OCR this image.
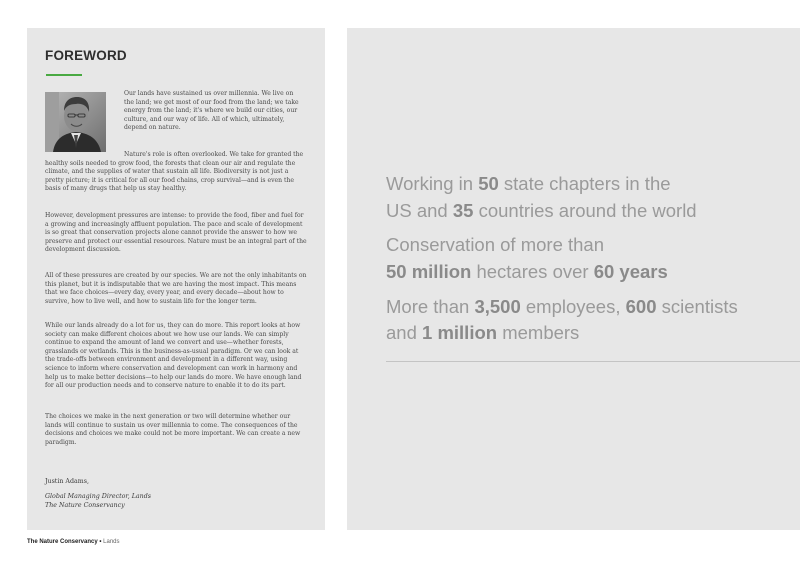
FOREWORD

Our lands have sustained us over millennia. We live on the land; we get most of our food from the land; we take energy from the land; it's where we build our cities, our culture, and our way of life. All of which, ultimately, depend on nature.

Nature's role is often overlooked. We take for granted the healthy soils needed to grow food, the forests that clean our air and regulate the climate, and the supplies of water that sustain all life. Biodiversity is not just a pretty picture; it is critical for all our food chains, crop survival—and is even the basis of many drugs that help us stay healthy.

However, development pressures are intense: to provide the food, fiber and fuel for a growing and increasingly affluent population. The pace and scale of development is so great that conservation projects alone cannot provide the answer to how we preserve and protect our essential resources. Nature must be an integral part of the development discussion.

All of these pressures are created by our species. We are not the only inhabitants on this planet, but it is indisputable that we are having the most impact. This means that we face choices—every day, every year, and every decade—about how to survive, how to live well, and how to sustain life for the longer term.

While our lands already do a lot for us, they can do more. This report looks at how society can make different choices about we how use our lands. We can simply continue to expand the amount of land we convert and use—whether forests, grasslands or wetlands. This is the business-as-usual paradigm. Or we can look at the trade-offs between environment and development in a different way, using science to inform where conservation and development can work in harmony and help us to make better decisions—to help our lands do more. We have enough land for all our production needs and to conserve nature to enable it to do its part.

The choices we make in the next generation or two will determine whether our lands will continue to sustain us over millennia to come. The consequences of the decisions and choices we make could not be more important. We can create a new paradigm.

Justin Adams,

Global Managing Director, Lands
The Nature Conservancy

Working in 50 state chapters in the

US and 35 countries around the world

Conservation of more than

50 million hectares over 60 years

More than 3,500 employees, 600 scientists

and 1 million members

The Nature Conservancy • Lands
